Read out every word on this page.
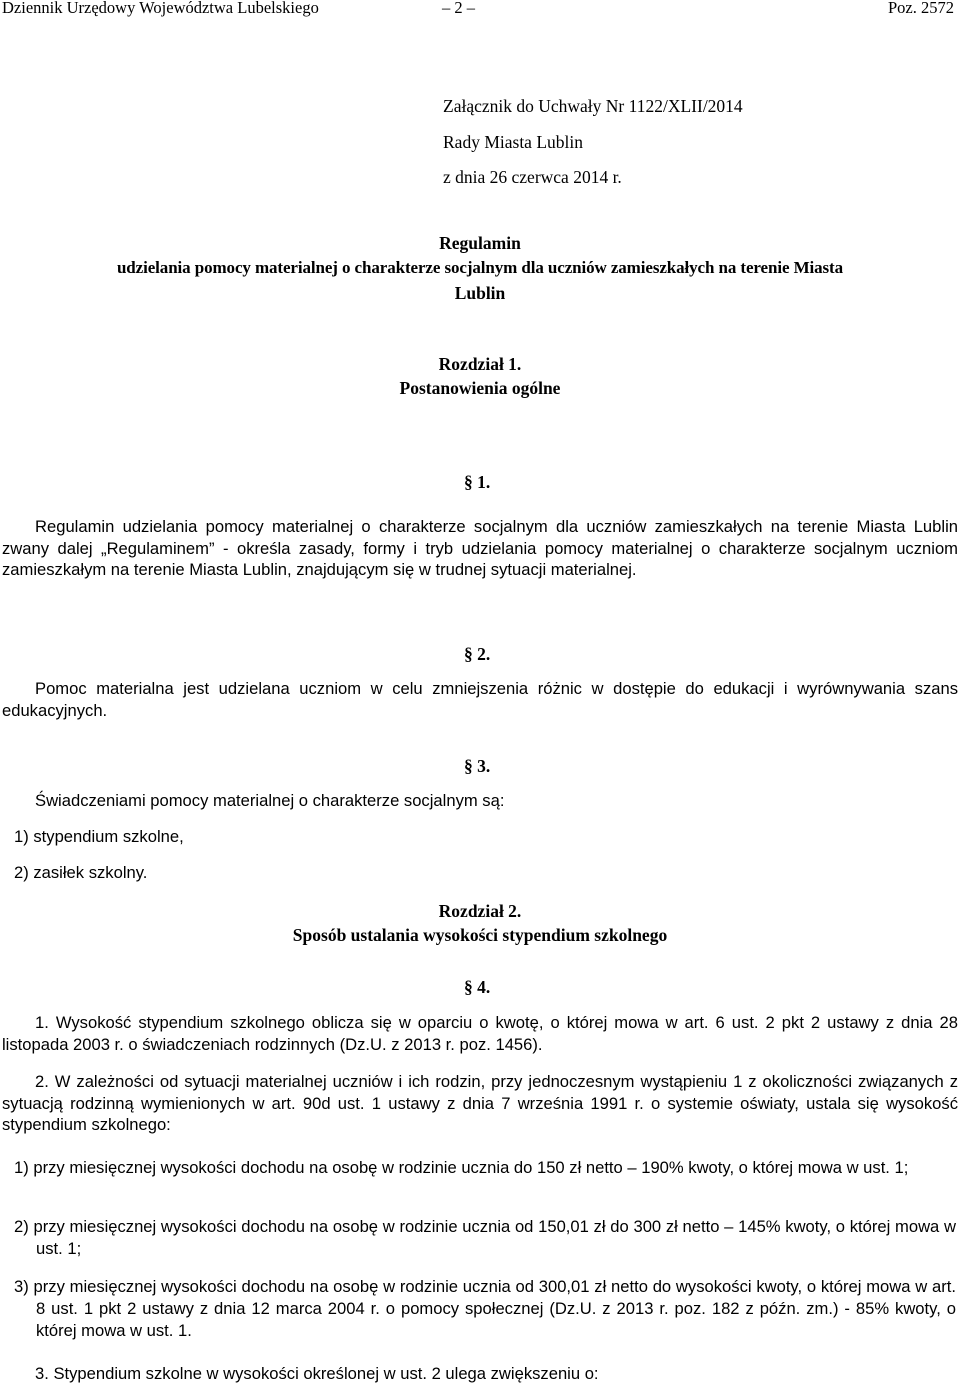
Dziennik Urzędowy Województwa Lubelskiego	– 2 –	Poz. 2572
Załącznik do Uchwały Nr 1122/XLII/2014
Rady Miasta Lublin
z dnia 26 czerwca 2014 r.
Regulamin
udzielania pomocy materialnej o charakterze socjalnym dla uczniów zamieszkałych na terenie Miasta
Lublin
Rozdział 1.
Postanowienia ogólne
§ 1.
Regulamin udzielania pomocy materialnej o charakterze socjalnym dla uczniów zamieszkałych na terenie Miasta Lublin zwany dalej „Regulaminem” - określa zasady, formy i tryb udzielania pomocy materialnej o charakterze socjalnym uczniom zamieszkałym na terenie Miasta Lublin, znajdującym się w trudnej sytuacji materialnej.
§ 2.
Pomoc materialna jest udzielana uczniom w celu zmniejszenia różnic w dostępie do edukacji i wyrównywania szans edukacyjnych.
§ 3.
Świadczeniami pomocy materialnej o charakterze socjalnym są:
1) stypendium szkolne,
2) zasiłek szkolny.
Rozdział 2.
Sposób ustalania wysokości stypendium szkolnego
§ 4.
1. Wysokość stypendium szkolnego oblicza się w oparciu o kwotę, o której mowa w art. 6 ust. 2 pkt 2 ustawy z dnia 28 listopada 2003 r. o świadczeniach rodzinnych (Dz.U. z 2013 r. poz. 1456).
2. W zależności od sytuacji materialnej uczniów i ich rodzin, przy jednoczesnym wystąpieniu 1 z okoliczności związanych z sytuacją rodzinną wymienionych w art. 90d ust. 1 ustawy z dnia 7 września 1991 r. o systemie oświaty, ustala się wysokość stypendium szkolnego:
1) przy miesięcznej wysokości dochodu na osobę w rodzinie ucznia do 150 zł netto – 190% kwoty, o której mowa w ust. 1;
2) przy miesięcznej wysokości dochodu na osobę w rodzinie ucznia od 150,01 zł do 300 zł netto – 145% kwoty, o której mowa w ust. 1;
3) przy miesięcznej wysokości dochodu na osobę w rodzinie ucznia od 300,01 zł netto do wysokości kwoty, o której mowa w art. 8 ust. 1 pkt 2 ustawy z dnia 12 marca 2004 r. o pomocy społecznej (Dz.U. z 2013 r. poz. 182 z późn. zm.) - 85% kwoty, o której mowa w ust. 1.
3. Stypendium szkolne w wysokości określonej w ust. 2 ulega zwiększeniu o:
